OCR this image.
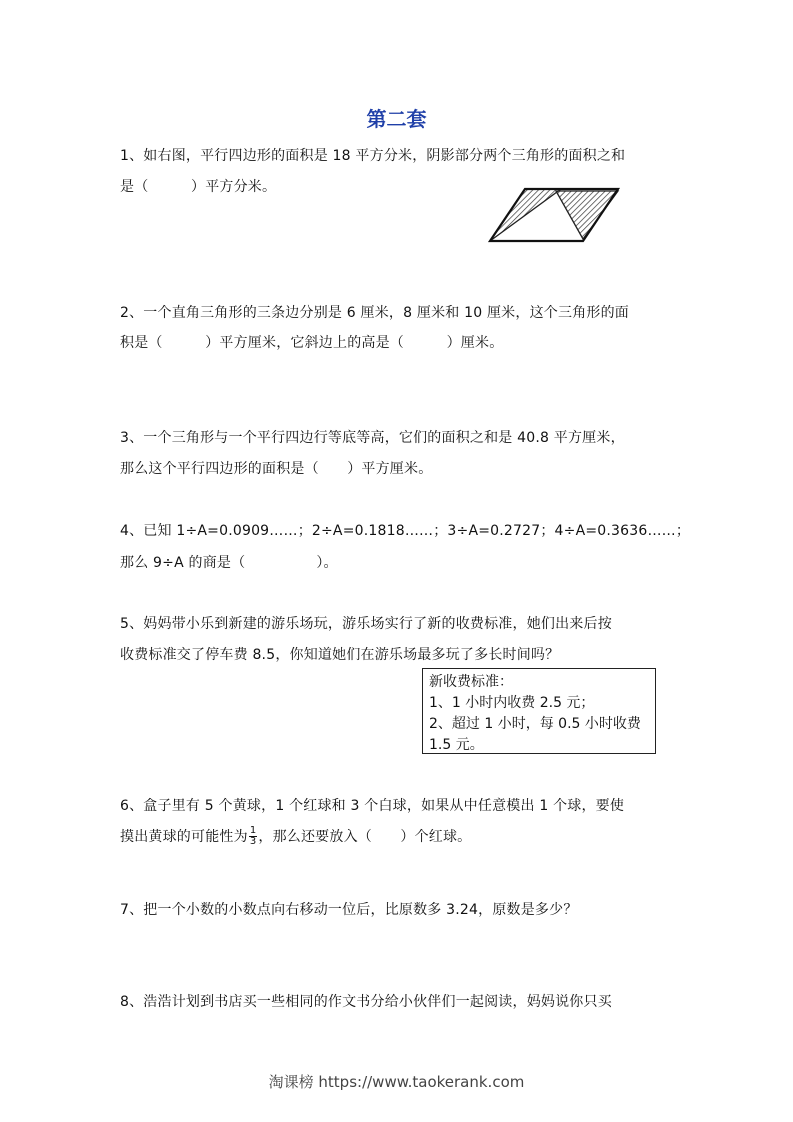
第二套
1、如右图，平行四边形的面积是 18 平方分米，阴影部分两个三角形的面积之和
是（　　　）平方分米。
2、一个直角三角形的三条边分别是 6 厘米，8 厘米和 10 厘米，这个三角形的面
积是（　　　）平方厘米，它斜边上的高是（　　　）厘米。
3、一个三角形与一个平行四边行等底等高，它们的面积之和是 40.8 平方厘米，
那么这个平行四边形的面积是（　　）平方厘米。
4、已知 1÷A=0.0909……；2÷A=0.1818……；3÷A=0.2727；4÷A=0.3636……；
那么 9÷A 的商是（　　　　　）。
5、妈妈带小乐到新建的游乐场玩，游乐场实行了新的收费标准，她们出来后按
收费标准交了停车费 8.5，你知道她们在游乐场最多玩了多长时间吗？
新收费标准：
1、1 小时内收费 2.5 元；
2、超过 1 小时，每 0.5 小时收费
1.5 元。
6、盒子里有 5 个黄球，1 个红球和 3 个白球，如果从中任意模出 1 个球，要使
摸出黄球的可能性为 $\frac{1}{3}$ ，那么还要放入（　　）个红球。
7、把一个小数的小数点向右移动一位后，比原数多 3.24，原数是多少？
8、浩浩计划到书店买一些相同的作文书分给小伙伴们一起阅读，妈妈说你只买
淘课榜 https://www.taokerank.com
